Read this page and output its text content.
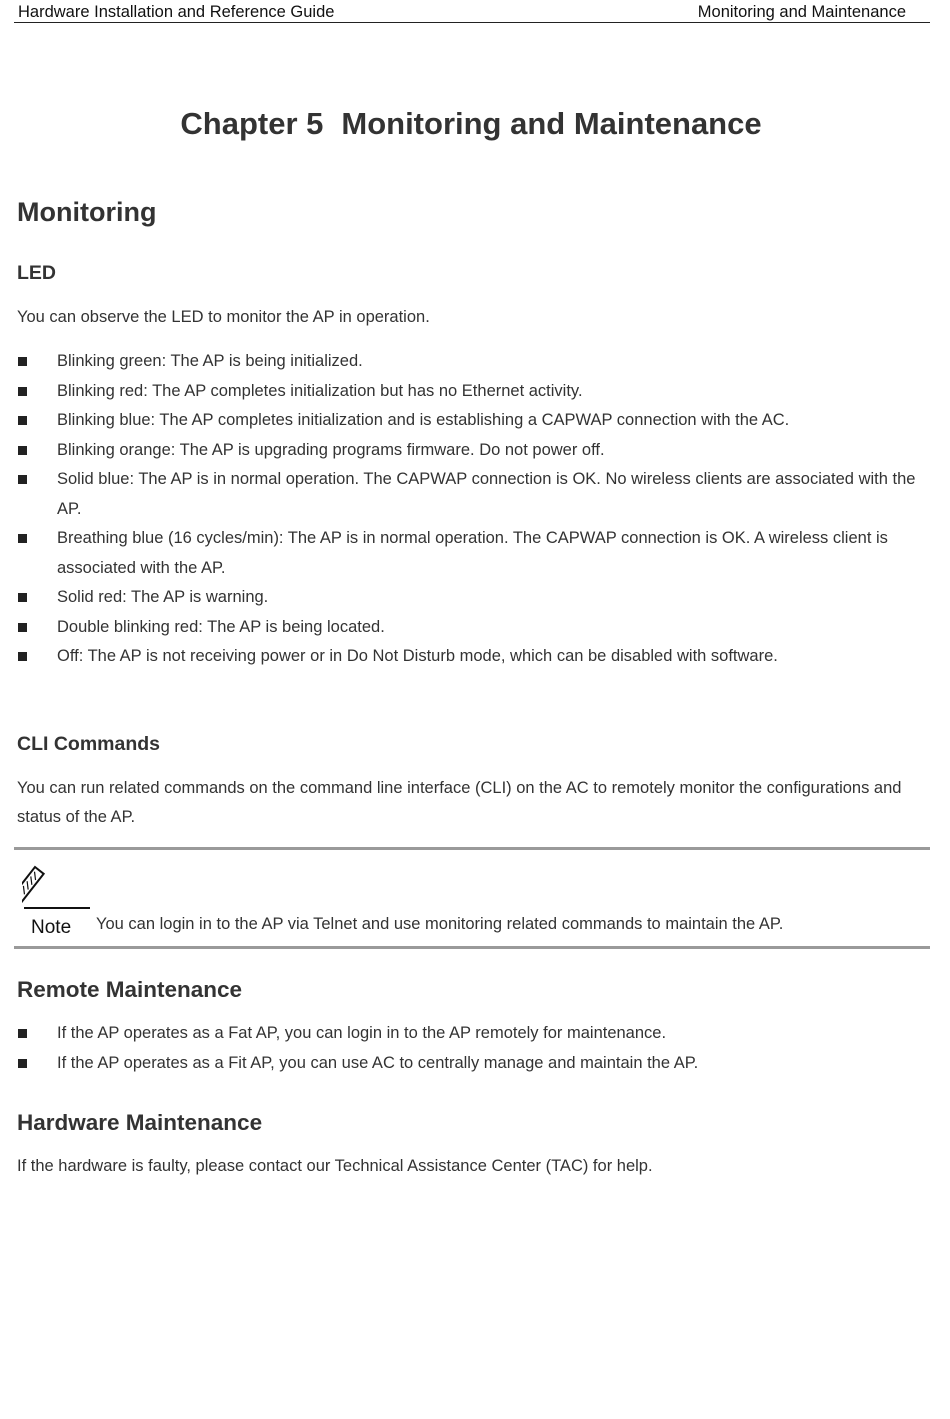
Hardware Installation and Reference Guide	Monitoring and Maintenance
Chapter 5 Monitoring and Maintenance
Monitoring
LED
You can observe the LED to monitor the AP in operation.
Blinking green: The AP is being initialized.
Blinking red: The AP completes initialization but has no Ethernet activity.
Blinking blue: The AP completes initialization and is establishing a CAPWAP connection with the AC.
Blinking orange: The AP is upgrading programs firmware. Do not power off.
Solid blue: The AP is in normal operation. The CAPWAP connection is OK. No wireless clients are associated with the AP.
Breathing blue (16 cycles/min): The AP is in normal operation. The CAPWAP connection is OK. A wireless client is associated with the AP.
Solid red: The AP is warning.
Double blinking red: The AP is being located.
Off: The AP is not receiving power or in Do Not Disturb mode, which can be disabled with software.
CLI Commands
You can run related commands on the command line interface (CLI) on the AC to remotely monitor the configurations and status of the AP.
Note You can login in to the AP via Telnet and use monitoring related commands to maintain the AP.
Remote Maintenance
If the AP operates as a Fat AP, you can login in to the AP remotely for maintenance.
If the AP operates as a Fit AP, you can use AC to centrally manage and maintain the AP.
Hardware Maintenance
If the hardware is faulty, please contact our Technical Assistance Center (TAC) for help.
